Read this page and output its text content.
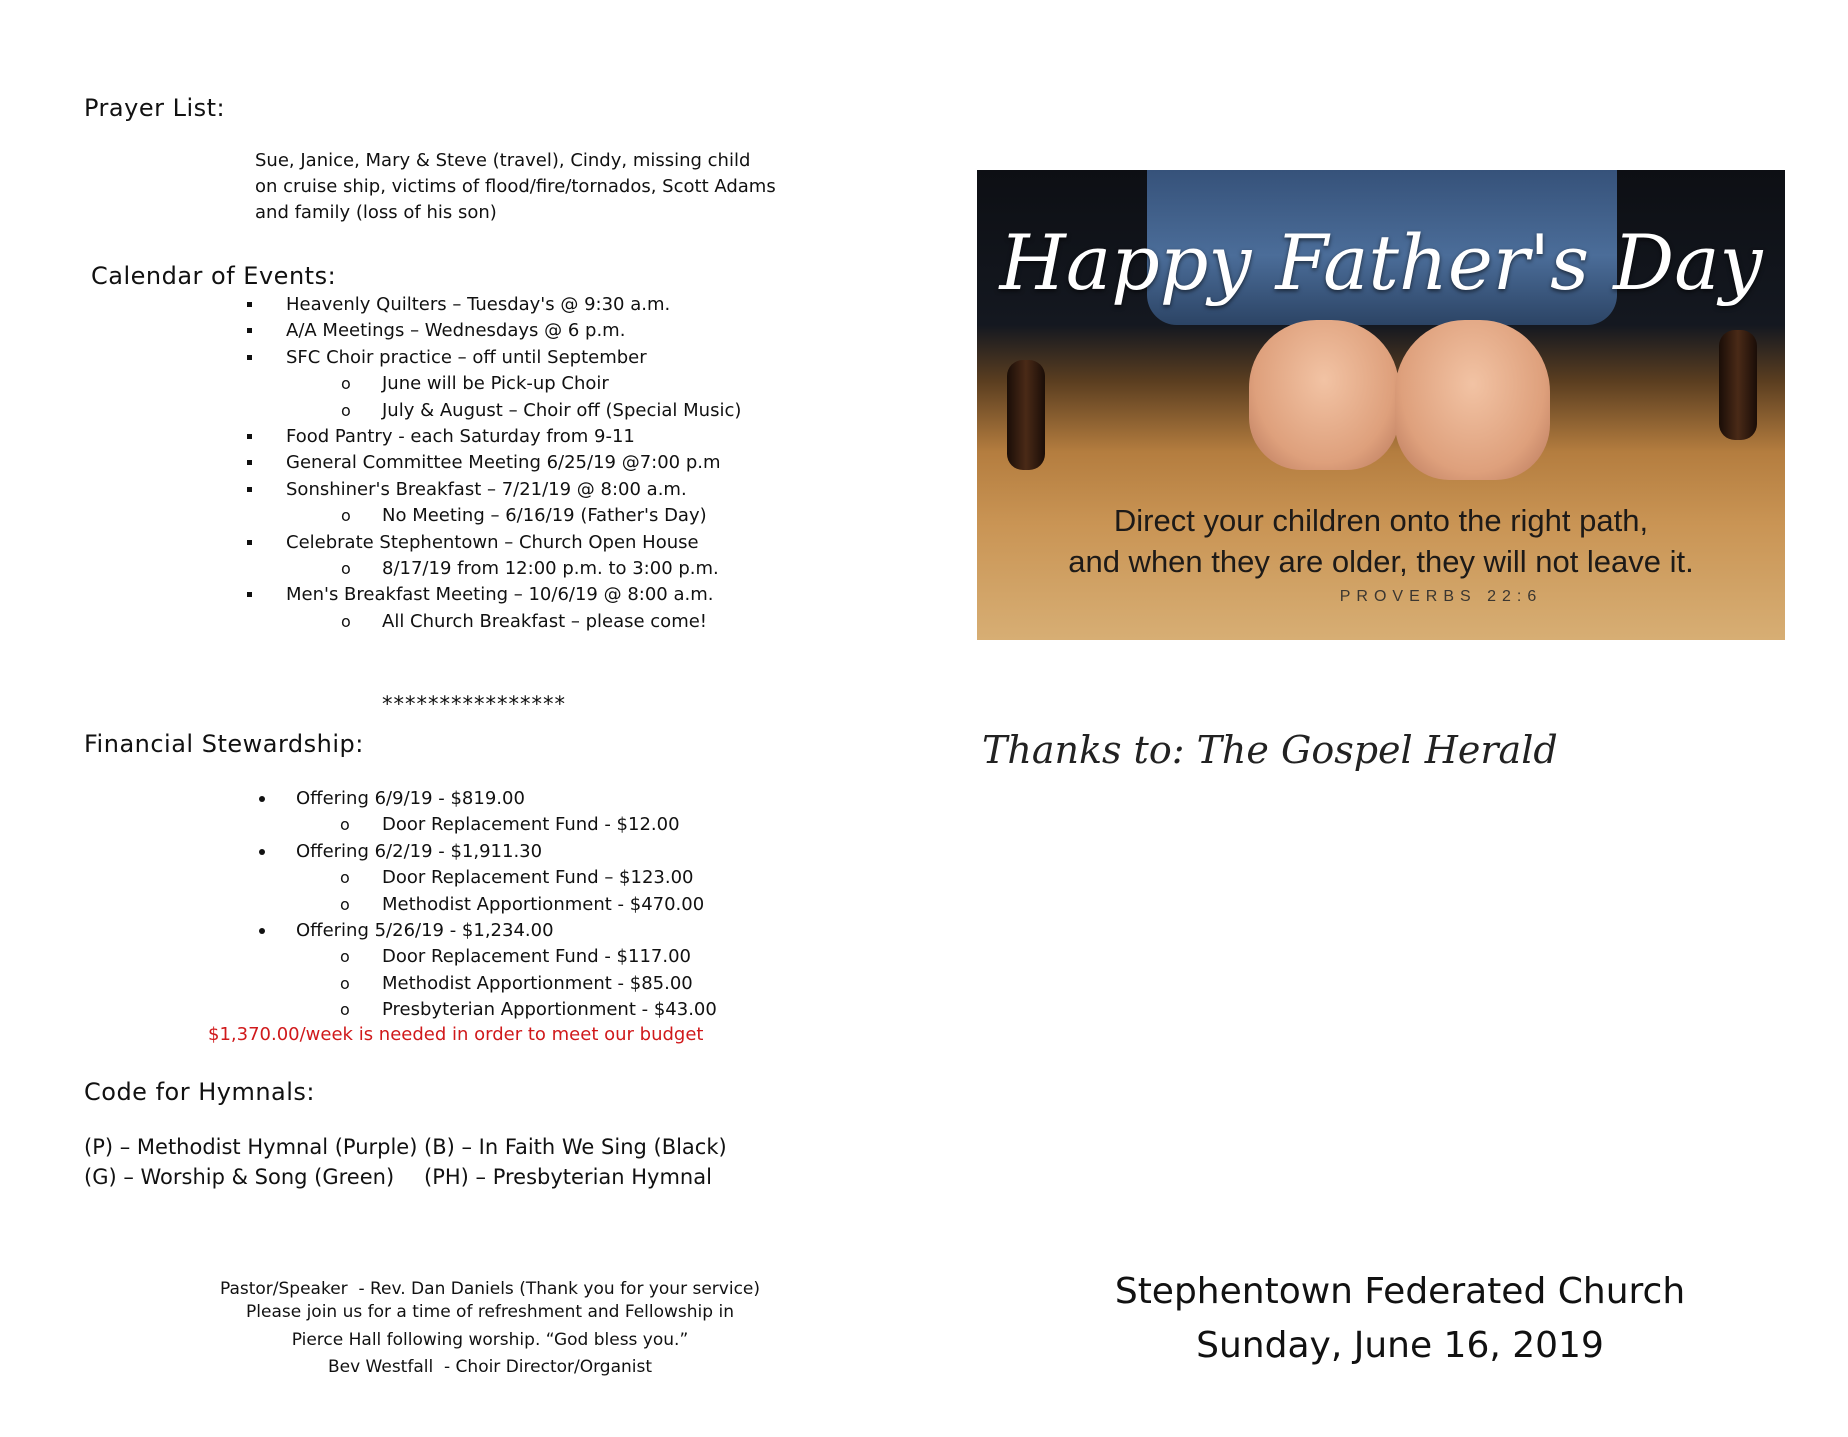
Prayer List:
Sue, Janice, Mary & Steve (travel), Cindy, missing child
on cruise ship, victims of flood/fire/tornados, Scott Adams
and family (loss of his son)
Calendar of Events:
Heavenly Quilters – Tuesday's @ 9:30 a.m.
A/A Meetings – Wednesdays @ 6 p.m.
SFC Choir practice – off until September
o June will be Pick-up Choir
o July & August – Choir off (Special Music)
Food Pantry - each Saturday from 9-11
General Committee Meeting 6/25/19 @7:00 p.m
Sonshiner's Breakfast – 7/21/19 @ 8:00 a.m.
o No Meeting – 6/16/19 (Father's Day)
Celebrate Stephentown – Church Open House
o 8/17/19 from 12:00 p.m. to 3:00 p.m.
Men's Breakfast Meeting – 10/6/19 @ 8:00 a.m.
o All Church Breakfast – please come!
****************
Financial Stewardship:
Offering 6/9/19 - $819.00
o Door Replacement Fund - $12.00
Offering 6/2/19 - $1,911.30
o Door Replacement Fund – $123.00
o Methodist Apportionment - $470.00
Offering 5/26/19 - $1,234.00
o Door Replacement Fund - $117.00
o Methodist Apportionment - $85.00
o Presbyterian Apportionment - $43.00
$1,370.00/week is needed in order to meet our budget
Code for Hymnals:
(P) – Methodist Hymnal (Purple) (B) – In Faith We Sing (Black)
(G) – Worship & Song (Green) (PH) – Presbyterian Hymnal

Pastor/Speaker  - Rev. Dan Daniels (Thank you for your service)

Bev Westfall  - Choir Director/Organist

Please join us for a time of refreshment and Fellowship in
Pierce Hall following worship. “God bless you.”
Happy Father's Day
Direct your children onto the right path,
and when they are older, they will not leave it.
PROVERBS 22:6
Thanks to: The Gospel Herald
Stephentown Federated Church
Sunday, June 16, 2019
